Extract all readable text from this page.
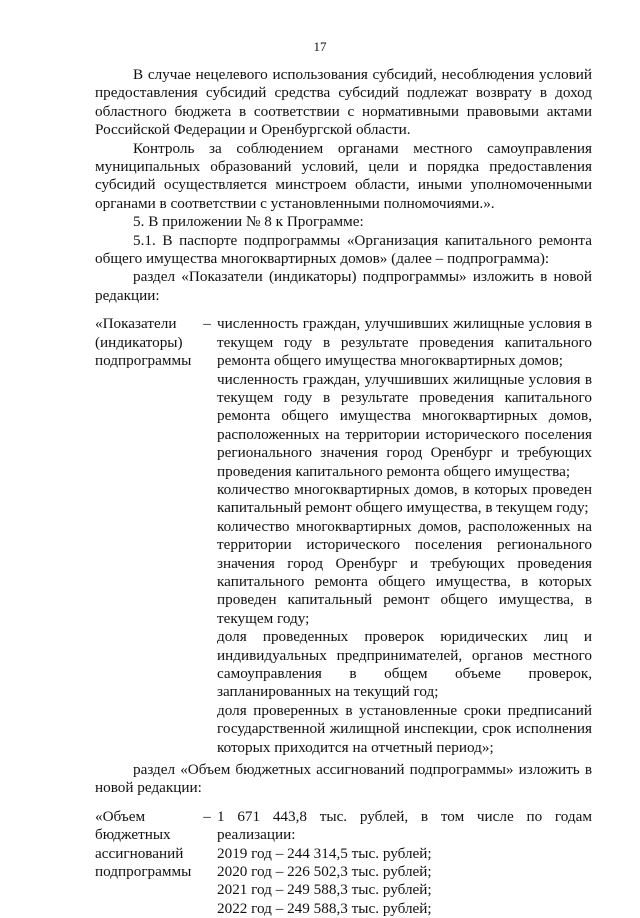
17

В случае нецелевого использования субсидий, несоблюдения условий предоставления субсидий средства субсидий подлежат возврату в доход областного бюджета в соответствии с нормативными правовыми актами Российской Федерации и Оренбургской области.

Контроль за соблюдением органами местного самоуправления муниципальных образований условий, цели и порядка предоставления субсидий осуществляется минстроем области, иными уполномоченными органами в соответствии с установленными полномочиями.».

5. В приложении № 8 к Программе:

5.1. В паспорте подпрограммы «Организация капитального ремонта общего имущества многоквартирных домов» (далее – подпрограмма):

раздел «Показатели (индикаторы) подпрограммы» изложить в новой редакции:

«Показатели (индикаторы) подпрограммы
– численность граждан, улучшивших жилищные условия в текущем году в результате проведения капитального ремонта общего имущества многоквартирных домов;
численность граждан, улучшивших жилищные условия в текущем году в результате проведения капитального ремонта общего имущества многоквартирных домов, расположенных на территории исторического поселения регионального значения город Оренбург и требующих проведения капитального ремонта общего имущества;
количество многоквартирных домов, в которых проведен капитальный ремонт общего имущества, в текущем году;
количество многоквартирных домов, расположенных на территории исторического поселения регионального значения город Оренбург и требующих проведения капитального ремонта общего имущества, в которых проведен капитальный ремонт общего имущества, в текущем году;
доля проведенных проверок юридических лиц и индивидуальных предпринимателей, органов местного самоуправления в общем объеме проверок, запланированных на текущий год;
доля проверенных в установленные сроки предписаний государственной жилищной инспекции, срок исполнения которых приходится на отчетный период»;

раздел «Объем бюджетных ассигнований подпрограммы» изложить в новой редакции:

«Объем бюджетных ассигнований подпрограммы
– 1 671 443,8 тыс. рублей, в том числе по годам реализации:
2019 год – 244 314,5 тыс. рублей;
2020 год – 226 502,3 тыс. рублей;
2021 год – 249 588,3 тыс. рублей;
2022 год – 249 588,3 тыс. рублей;
